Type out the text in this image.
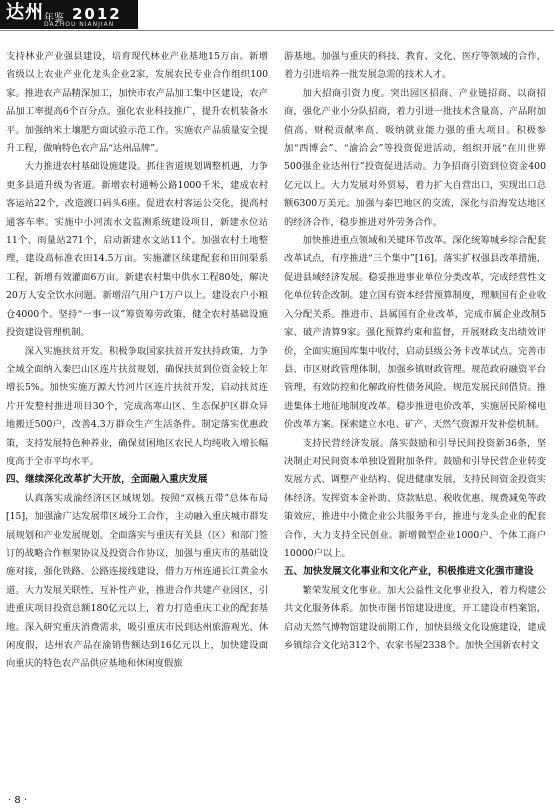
达州 年鉴 2012
DAZHOU NIANJIAN

支持林业产业强县建设，培育现代林业产业基地15万亩。新增省级以上农业产业化龙头企业2家，发展农民专业合作组织100家。推进农产品精深加工，加快市农产品加工集中区建设，农产品加工率提高6个百分点。强化农业科技推广，提升农机装备水平。加强纳米土壤肥方面试验示范工作。实施农产品质量安全提升工程，做响特色农产品“达州品牌”。

大力推进农村基础设施建设。抓住省道规划调整机遇，力争更多县道升级为省道。新增农村通畅公路1000千米，建成农村客运站22个，改造渡口码头6座。促进农村客运公交化，提高村通客车率。实施中小河流水文监测系统建设项目，新建水位站11个、雨量站271个，启动新建水文站11个。加强农村土地整理，建设高标准农田14.5万亩。实施灌区续建配套和田间渠系工程，新增有效灌面6万亩。新建农村集中供水工程80处，解决20万人安全饮水问题。新增沼气用户1万户以上。建设农户小粮仓4000个。坚持“一事一议”筹资筹劳政策，健全农村基础设施投资建设管理机制。

深入实施扶贫开发。积极争取国家扶贫开发扶持政策，力争全域全面纳入秦巴山区连片扶贫规划，确保扶贫到位资金较上年增长5%。加快实施万源大竹河片区连片扶贫开发，启动扶贫连片开发整村推进项目30个，完成高寒山区、生态保护区群众异地搬迁500户，改善4.3万群众生产生活条件。制定落实优惠政策，支持发展特色种养业，确保贫困地区农民人均纯收入增长幅度高于全市平均水平。

四、继续深化改革扩大开放，全面融入重庆发展

认真落实成渝经济区区域规划。按照“双核五带”总体布局[15]，加强渝广达发展带区域分工合作，主动融入重庆城市群发展规划和产业发展规划。全面落实与重庆有关县（区）和部门签订的战略合作框架协议及投资合作协议，加强与重庆市的基础设施对接，强化铁路、公路连接线建设，借力万州连通长江黄金水道。大力发展关联性、互补性产业，推进合作共建产业园区，引进重庆项目投资总额180亿元以上，着力打造重庆工业的配套基地。深入研究重庆消费需求，吸引重庆市民到达州旅游观光、休闲度假，达州农产品在渝销售额达到16亿元以上，加快建设面向重庆的特色农产品供应基地和休闲度假旅

游基地。加强与重庆的科技、教育、文化、医疗等领域的合作，着力引进培养一批发展急需的技术人才。

加大招商引资力度。突出园区招商、产业链招商、以商招商，强化产业小分队招商，着力引进一批技术含量高、产品附加值高、财税贡献率高、吸纳就业能力强的重大项目。积极参加“西博会”、“渝洽会”等投资促进活动，组织开展“在川世界500强企业达州行”投资促进活动。力争招商引资到位资金400亿元以上。大力发展对外贸易，着力扩大自营出口，实现出口总额6300万美元。加强与泰巴地区的交流，深化与沿海发达地区的经济合作，稳步推进对外劳务合作。

加快推进重点领域和关键环节改革。深化统筹城乡综合配套改革试点，有序推进“三个集中”[16]。落实扩权强县改革措施，促进县域经济发展。稳妥推进事业单位分类改革，完成经营性文化单位转企改制。建立国有资本经营预算制度，理顺国有企业收入分配关系。推进市、县属国有企业改革，完成市属企业改制5家、破产清算9家。强化预算约束和监督，开展财政支出绩效评价，全面实施国库集中收付，启动县级公务卡改革试点。完善市县、市区财政管理体制，加强乡镇财政管理。规范政府融资平台管理，有效防控和化解政府性债务风险。规范发展民间借贷。推进集体土地征地制度改革。稳步推进电价改革，实施居民阶梯电价改革方案。探索建立水电、矿产、天然气资源开发补偿机制。

支持民营经济发展。落实鼓励和引导民间投资新36条，坚决制止对民间资本单独设置附加条件。鼓励和引导民营企业转变发展方式、调整产业结构、促进健康发展，支持民间资金投资实体经济。发挥资本金补助、贷款贴息、税收优惠、规费减免等政策效应，推进中小微企业公共服务平台，推进与龙头企业的配套合作，大力支持全民创业。新增微型企业1000户、个体工商户10000户以上。

五、加快发展文化事业和文化产业，积极推进文化强市建设

繁荣发展文化事业。加大公益性文化事业投入，着力构建公共文化服务体系。加快市图书馆建设进度，开工建设市档案馆，启动天然气博物馆建设前期工作，加快县级文化设施建设，建成乡镇综合文化站312个、农家书屋2338个。加快全国新农村文

· 8 ·
